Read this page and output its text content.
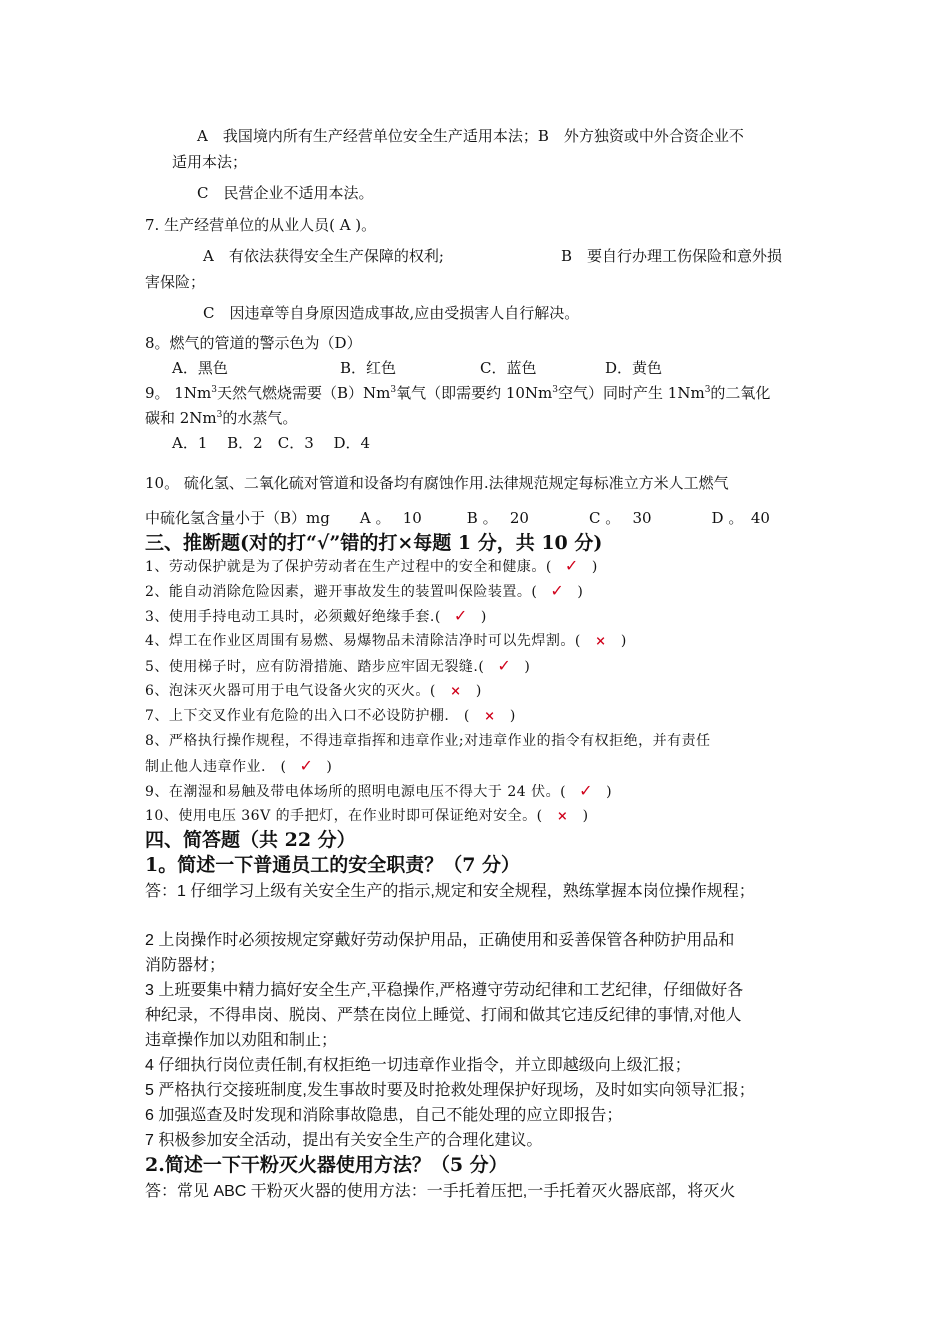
A　我国境内所有生产经营单位安全生产适用本法；B　外方独资或中外合资企业不
适用本法；
C　民营企业不适用本法。
7. 生产经营单位的从业人员( A )。
A　有依法获得安全生产保障的权利;	B　要自行办理工伤保险和意外损
害保险；
C　因违章等自身原因造成事故,应由受损害人自行解决。
8。燃气的管道的警示色为（D）
A．黑色	B．红色	C．蓝色	D．黄色
9。 1Nm$^3$天然气燃烧需要（B）Nm$^3$氧气（即需要约 10Nm$^3$空气）同时产生 1Nm$^3$的二氧化
碳和 2Nm$^3$的水蒸气。
A．1　 B．2　C．3　 D．4
10。 硫化氢、二氧化硫对管道和设备均有腐蚀作用.法律规范规定每标准立方米人工燃气
中硫化氢含量小于（B）mg　　A 。　 10　　　B 。　 20　　　　C 。　 30　　　　D 。　40
三、推断题(对的打“√”错的打×每题 1 分，共 10 分)
1、劳动保护就是为了保护劳动者在生产过程中的安全和健康。( ✓ )
2、能自动消除危险因素，避开事故发生的装置叫保险装置。( ✓ )
3、使用手持电动工具时，必须戴好绝缘手套.( ✓ )
4、焊工在作业区周围有易燃、易爆物品未清除洁净时可以先焊割。( × )
5、使用梯子时，应有防滑措施、踏步应牢固无裂缝.( ✓ )
6、泡沫灭火器可用于电气设备火灾的灭火。( × )
7、上下交叉作业有危险的出入口不必设防护棚.　( × )
8、严格执行操作规程，不得违章指挥和违章作业;对违章作业的指令有权拒绝，并有责任
制止他人违章作业.　( ✓ )
9、在潮湿和易触及带电体场所的照明电源电压不得大于 24 伏。( ✓ )
10、使用电压 36V 的手把灯，在作业时即可保证绝对安全。( × )
四、简答题（共 22 分）
1。简述一下普通员工的安全职责？（7 分）
答：1 仔细学习上级有关安全生产的指示,规定和安全规程，熟练掌握本岗位操作规程；
2 上岗操作时必须按规定穿戴好劳动保护用品，正确使用和妥善保管各种防护用品和
消防器材；
3 上班要集中精力搞好安全生产,平稳操作,严格遵守劳动纪律和工艺纪律，仔细做好各
种纪录，不得串岗、脱岗、严禁在岗位上睡觉、打闹和做其它违反纪律的事情,对他人
违章操作加以劝阻和制止；
4 仔细执行岗位责任制,有权拒绝一切违章作业指令，并立即越级向上级汇报；
5 严格执行交接班制度,发生事故时要及时抢救处理保护好现场，及时如实向领导汇报；
6 加强巡查及时发现和消除事故隐患，自己不能处理的应立即报告；
7 积极参加安全活动，提出有关安全生产的合理化建议。
2.简述一下干粉灭火器使用方法？（5 分）
答：常见 ABC 干粉灭火器的使用方法：一手托着压把,一手托着灭火器底部，将灭火
